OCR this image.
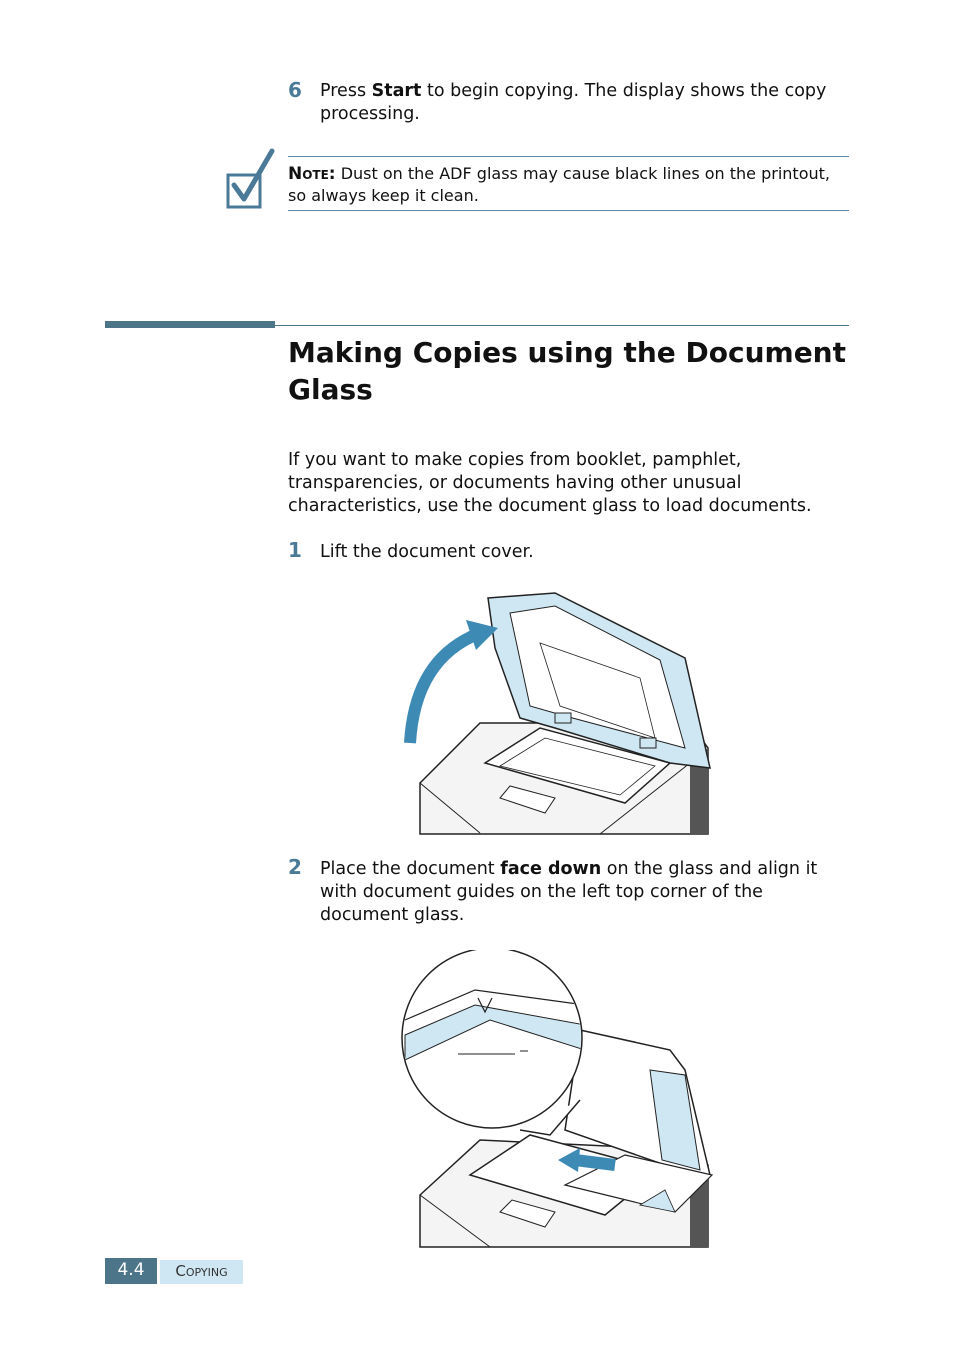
6 Press Start to begin copying. The display shows the copy processing.
Note: Dust on the ADF glass may cause black lines on the printout, so always keep it clean.
Making Copies using the Document Glass
If you want to make copies from booklet, pamphlet, transparencies, or documents having other unusual characteristics, use the document glass to load documents.
1 Lift the document cover.
2 Place the document face down on the glass and align it with document guides on the left top corner of the document glass.
4.4	Copying
